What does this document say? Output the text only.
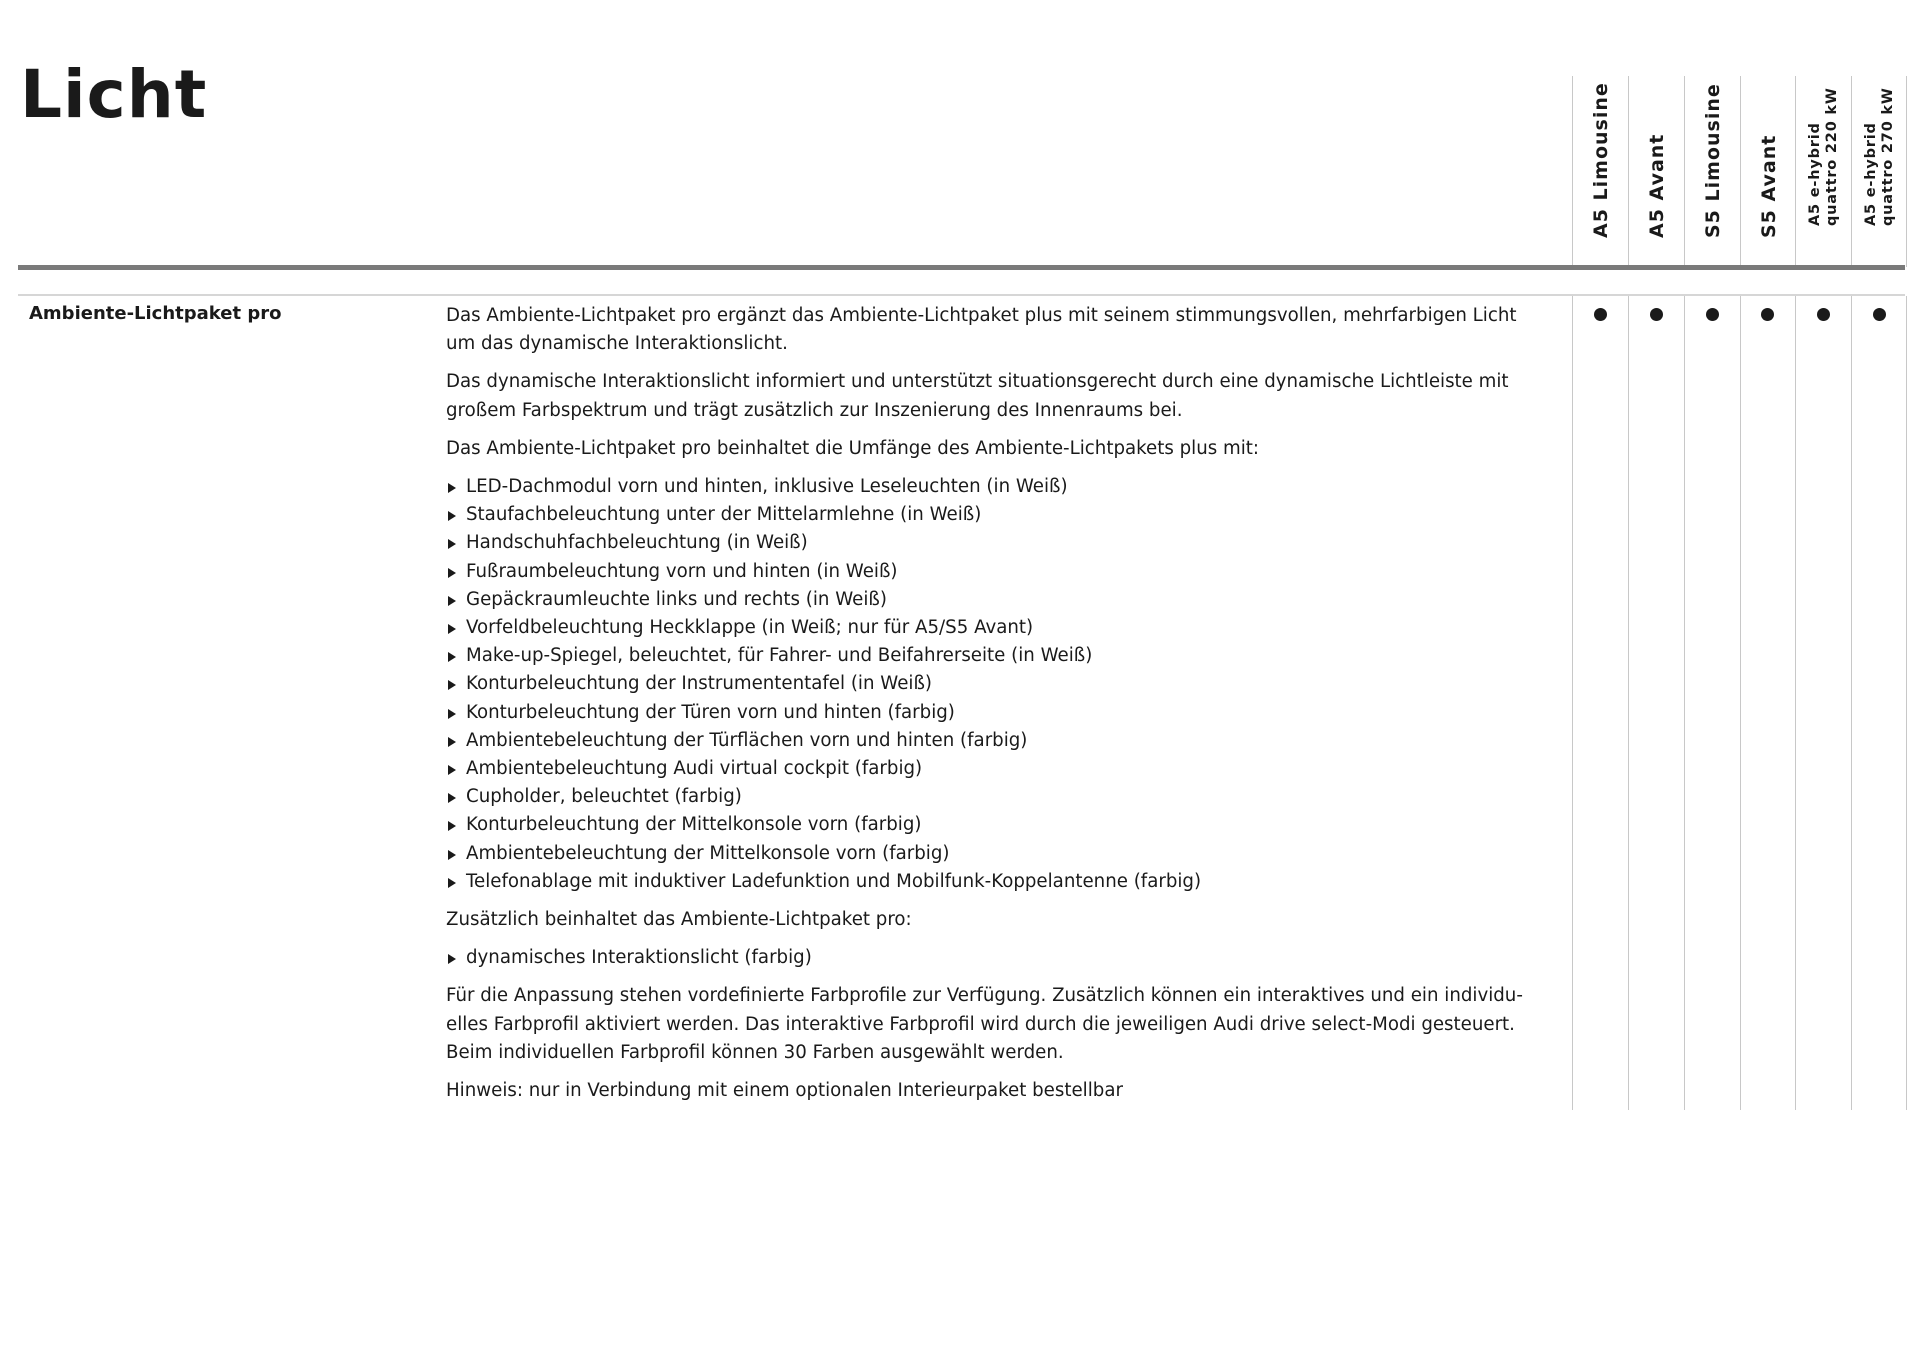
Licht	A5 Limousine A5 Avant S5 Limousine S5 Avant A5 e-hybrid quattro 220 kW A5 e-hybrid quattro 270 kW
Ambiente-Lichtpaket pro	Das Ambiente-Lichtpaket pro ergänzt das Ambiente-Lichtpaket plus mit seinem stimmungsvollen, mehrfarbigen Licht um das dynamische Interaktionslicht.

Das dynamische Interaktionslicht informiert und unterstützt situationsgerecht durch eine dynamische Lichtleiste mit großem Farbspektrum und trägt zusätzlich zur Inszenierung des Innenraums bei.

Das Ambiente-Lichtpaket pro beinhaltet die Umfänge des Ambiente-Lichtpakets plus mit:

LED-Dachmodul vorn und hinten, inklusive Leseleuchten (in Weiß)
Staufachbeleuchtung unter der Mittelarmlehne (in Weiß)
Handschuhfachbeleuchtung (in Weiß)
Fußraumbeleuchtung vorn und hinten (in Weiß)
Gepäckraumleuchte links und rechts (in Weiß)
Vorfeldbeleuchtung Heckklappe (in Weiß; nur für A5/S5 Avant)
Make-up-Spiegel, beleuchtet, für Fahrer- und Beifahrerseite (in Weiß)
Konturbeleuchtung der Instrumententafel (in Weiß)
Konturbeleuchtung der Türen vorn und hinten (farbig)
Ambientebeleuchtung der Türflächen vorn und hinten (farbig)
Ambientebeleuchtung Audi virtual cockpit (farbig)
Cupholder, beleuchtet (farbig)
Konturbeleuchtung der Mittelkonsole vorn (farbig)
Ambientebeleuchtung der Mittelkonsole vorn (farbig)
Telefonablage mit induktiver Ladefunktion und Mobilfunk-Koppelantenne (farbig)

Zusätzlich beinhaltet das Ambiente-Lichtpaket pro:

dynamisches Interaktionslicht (farbig)

Für die Anpassung stehen vordefinierte Farbprofile zur Verfügung. Zusätzlich können ein interaktives und ein individu-
elles Farbprofil aktiviert werden. Das interaktive Farbprofil wird durch die jeweiligen Audi drive select-Modi gesteuert.
Beim individuellen Farbprofil können 30 Farben ausgewählt werden.

Hinweis: nur in Verbindung mit einem optionalen Interieurpaket bestellbar
